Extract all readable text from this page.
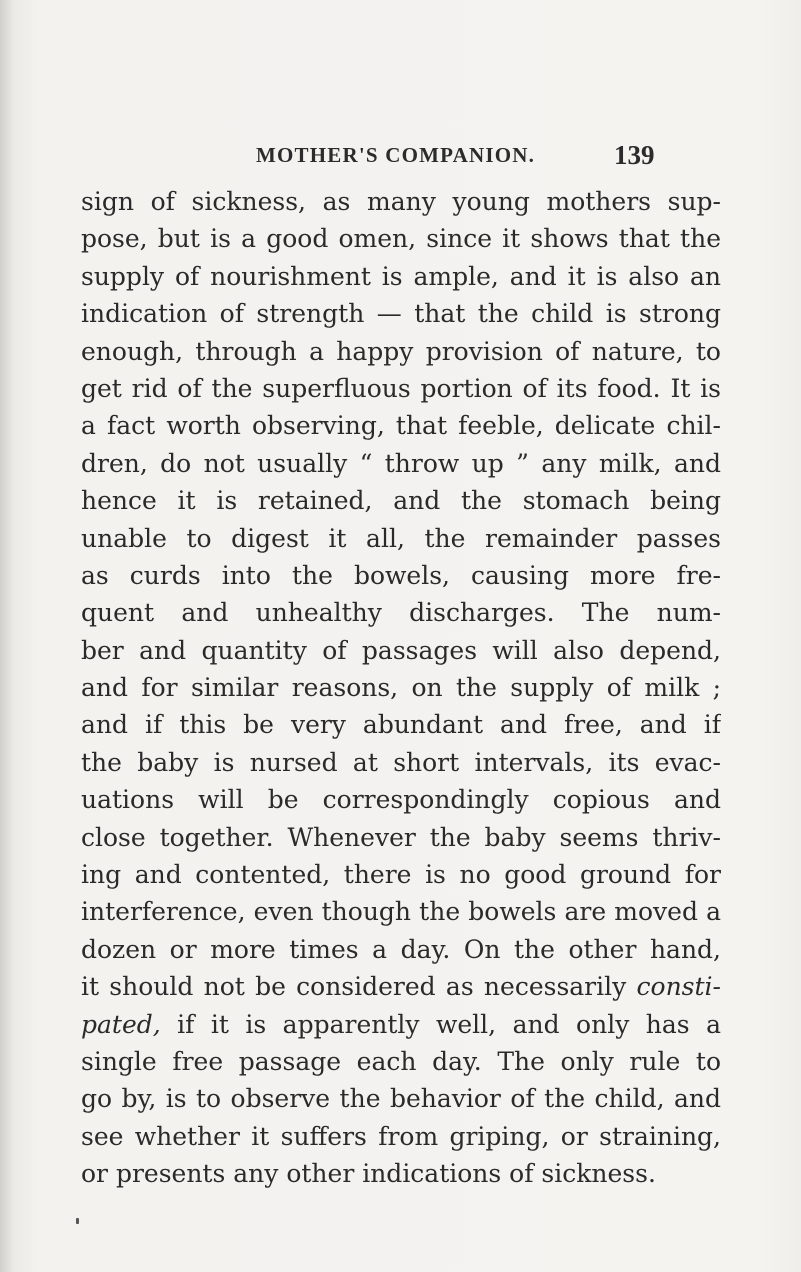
MOTHER'S COMPANION.	139
sign of sickness, as many young mothers sup-
pose, but is a good omen, since it shows that the
supply of nourishment is ample, and it is also an
indication of strength — that the child is strong
enough, through a happy provision of nature, to
get rid of the superfluous portion of its food. It is
a fact worth observing, that feeble, delicate chil-
dren, do not usually “ throw up ” any milk, and
hence it is retained, and the stomach being
unable to digest it all, the remainder passes
as curds into the bowels, causing more fre-
quent and unhealthy discharges. The num-
ber and quantity of passages will also depend,
and for similar reasons, on the supply of milk ;
and if this be very abundant and free, and if
the baby is nursed at short intervals, its evac-
uations will be correspondingly copious and
close together. Whenever the baby seems thriv-
ing and contented, there is no good ground for
interference, even though the bowels are moved a
dozen or more times a day. On the other hand,
it should not be considered as necessarily consti-
pated, if it is apparently well, and only has a
single free passage each day. The only rule to
go by, is to observe the behavior of the child, and
see whether it suffers from griping, or straining,
or presents any other indications of sickness.
